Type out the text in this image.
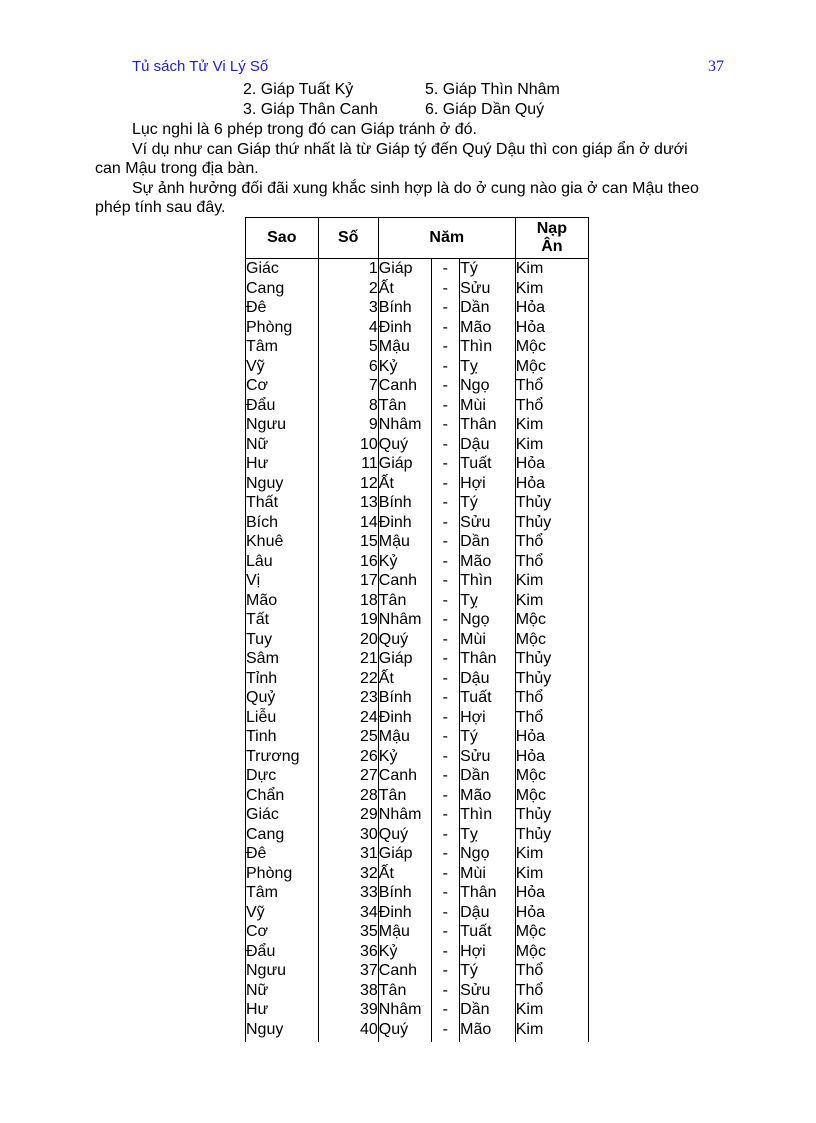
Tủ sách Tử Vi Lý Số	37
2. Giáp Tuất Kỷ	5. Giáp Thìn Nhâm
3. Giáp Thân Canh	6. Giáp Dần Quý
Lục nghi là 6 phép trong đó can Giáp tránh ở đó.
Ví dụ như can Giáp thứ nhất là từ Giáp tý đến Quý Dậu thì con giáp ẩn ở dưới
can Mậu trong địa bàn.
Sự ảnh hưởng đối đãi xung khắc sinh hợp là do ở cung nào gia ở can Mậu theo
phép tính sau đây.
Sao	Số	Năm			Nạp
Ân
Giác	1	Giáp	-	Tý	Kim
Cang	2	Ất	-	Sửu	Kim
Đê	3	Bính	-	Dần	Hỏa
Phòng	4	Đinh	-	Mão	Hỏa
Tâm	5	Mậu	-	Thìn	Mộc
Vỹ	6	Kỷ	-	Tỵ	Mộc
Cơ	7	Canh	-	Ngọ	Thổ
Đẩu	8	Tân	-	Mùi	Thổ
Ngưu	9	Nhâm	-	Thân	Kim
Nữ	10	Quý	-	Dậu	Kim
Hư	11	Giáp	-	Tuất	Hỏa
Nguy	12	Ất	-	Hợi	Hỏa
Thất	13	Bính	-	Tý	Thủy
Bích	14	Đinh	-	Sửu	Thủy
Khuê	15	Mậu	-	Dần	Thổ
Lâu	16	Kỷ	-	Mão	Thổ
Vị	17	Canh	-	Thìn	Kim
Mão	18	Tân	-	Tỵ	Kim
Tất	19	Nhâm	-	Ngọ	Mộc
Tuy	20	Quý	-	Mùi	Mộc
Sâm	21	Giáp	-	Thân	Thủy
Tỉnh	22	Ất	-	Dậu	Thủy
Quỷ	23	Bính	-	Tuất	Thổ
Liễu	24	Đinh	-	Hợi	Thổ
Tinh	25	Mậu	-	Tý	Hỏa
Trương	26	Kỷ	-	Sửu	Hỏa
Dực	27	Canh	-	Dần	Mộc
Chẩn	28	Tân	-	Mão	Mộc
Giác	29	Nhâm	-	Thìn	Thủy
Cang	30	Quý	-	Tỵ	Thủy
Đê	31	Giáp	-	Ngọ	Kim
Phòng	32	Ất	-	Mùi	Kim
Tâm	33	Bính	-	Thân	Hỏa
Vỹ	34	Đinh	-	Dậu	Hỏa
Cơ	35	Mậu	-	Tuất	Mộc
Đẩu	36	Kỷ	-	Hợi	Mộc
Ngưu	37	Canh	-	Tý	Thổ
Nữ	38	Tân	-	Sửu	Thổ
Hư	39	Nhâm	-	Dần	Kim
Nguy	40	Quý	-	Mão	Kim
